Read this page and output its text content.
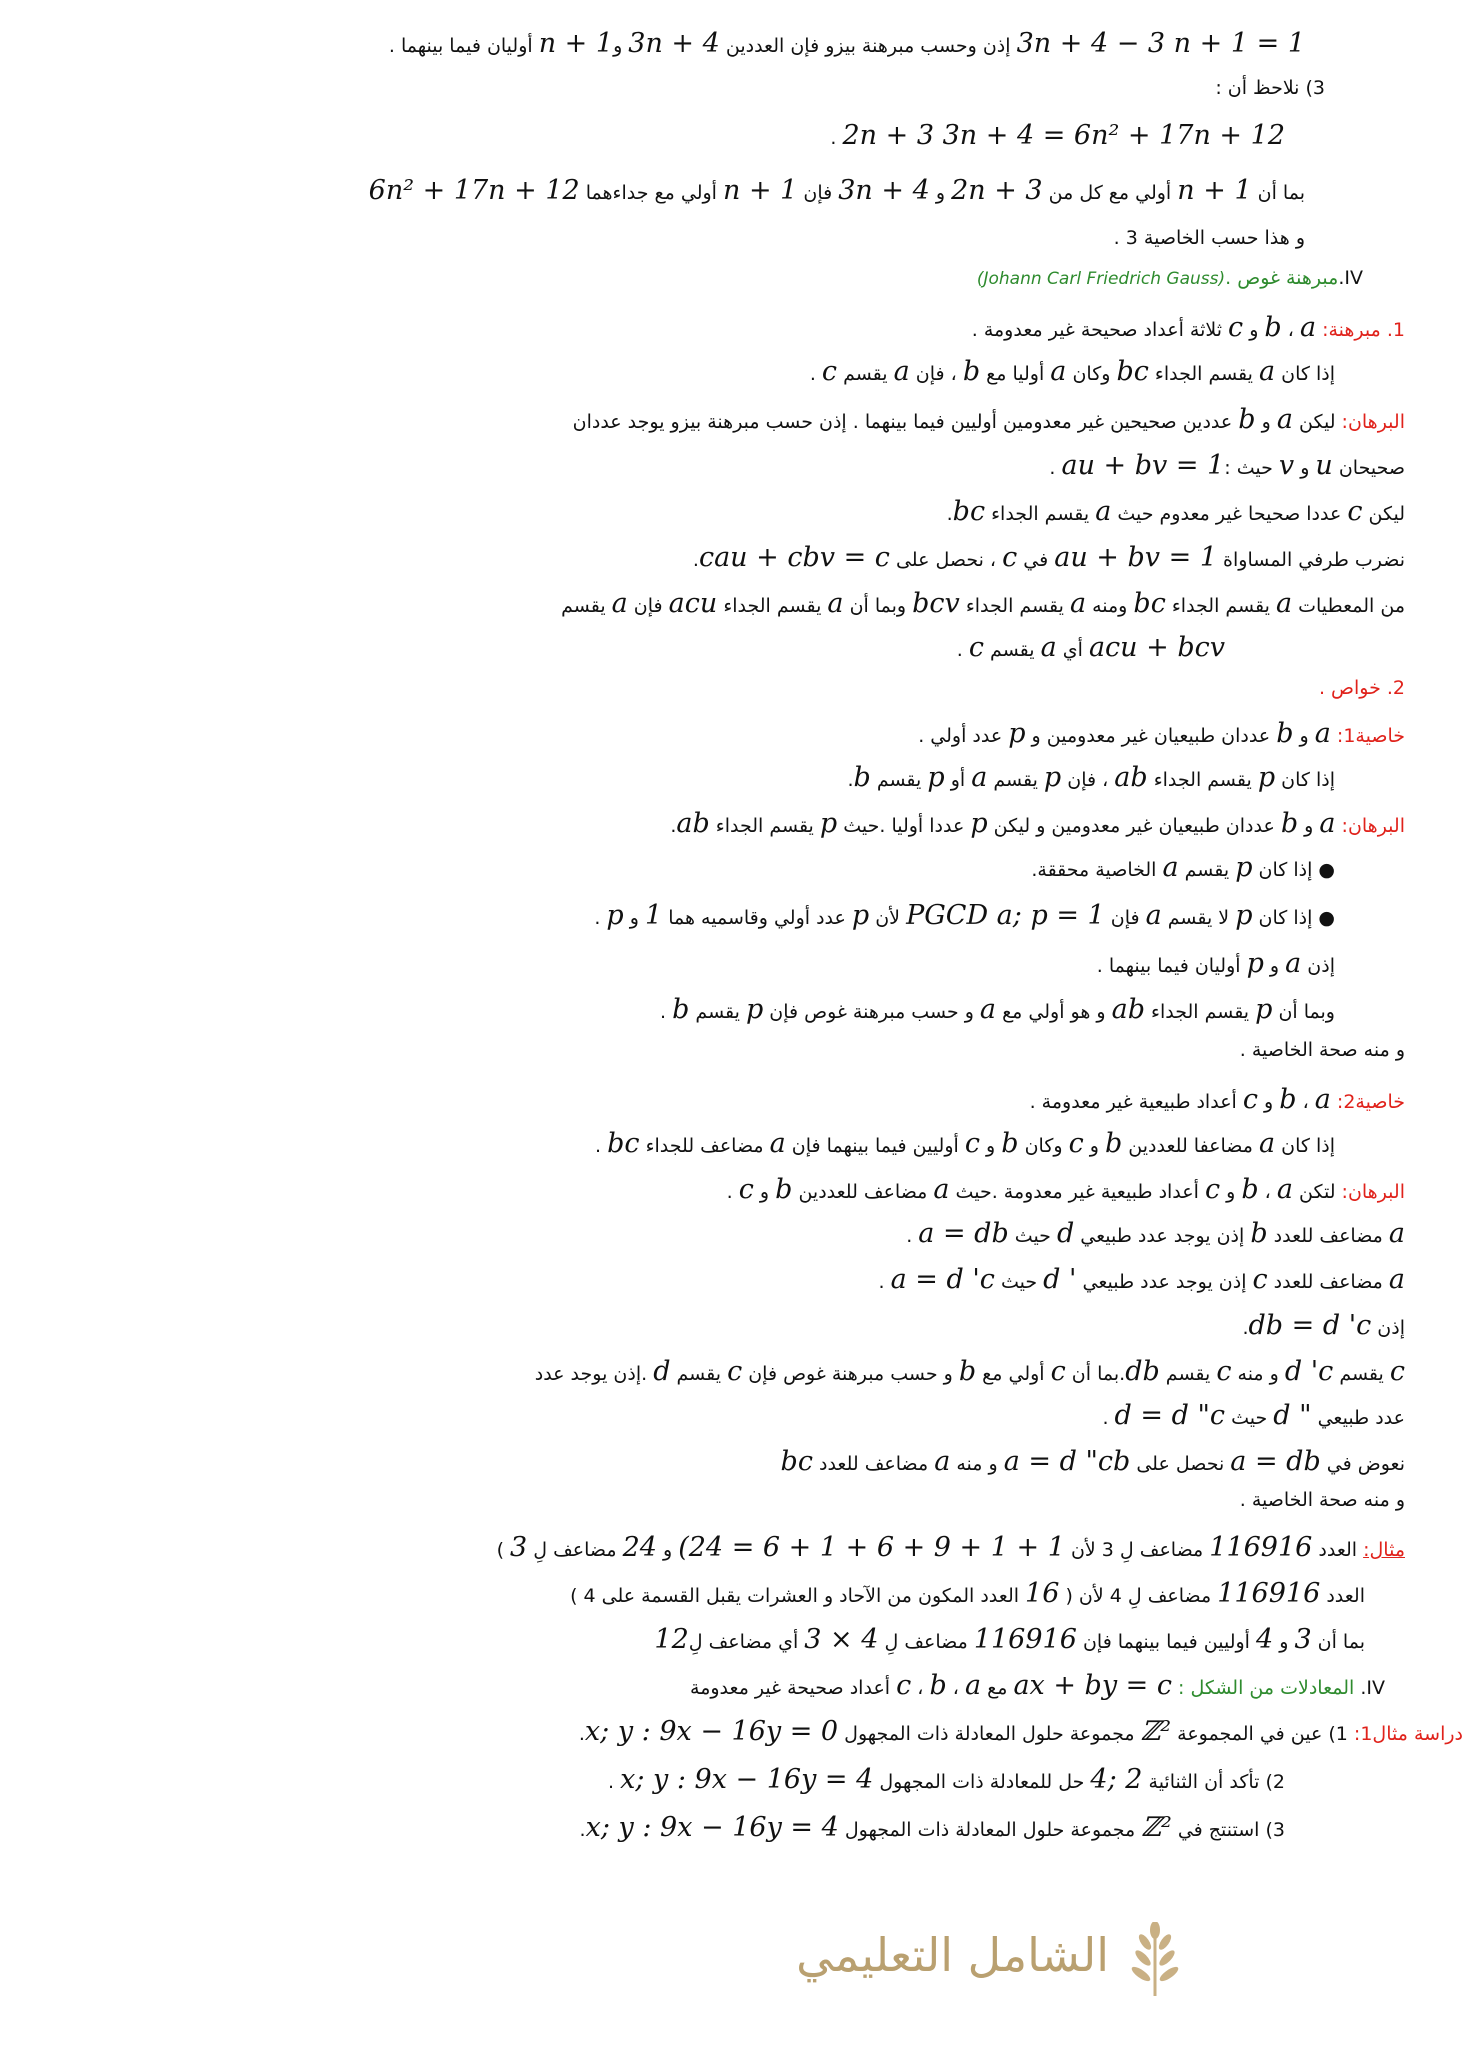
3n + 4 − 3 n + 1 = 1 إذن وحسب مبرهنة بيزو فإن العددين 3n + 4 وn + 1 أوليان فيما بينهما .
3) نلاحظ أن :
2n + 3 3n + 4 = 6n² + 17n + 12 .
بما أن n + 1 أولي مع كل من 2n + 3 و 3n + 4 فإن n + 1 أولي مع جداءهما 6n² + 17n + 12
و هذا حسب الخاصية 3 .
IV.مبرهنة غوص .(Johann Carl Friedrich Gauss)
1. مبرهنة: a ، b و c ثلاثة أعداد صحيحة غير معدومة .
إذا كان a يقسم الجداء bc وكان a أوليا مع b ، فإن a يقسم c .
البرهان: ليكن a و b عددين صحيحين غير معدومين أوليين فيما بينهما . إذن حسب مبرهنة بيزو يوجد عددان
صحيحان u و v حيث :au + bv = 1 .
ليكن c عددا صحيحا غير معدوم حيث a يقسم الجداء bc.
نضرب طرفي المساواة au + bv = 1 في c ، نحصل على cau + cbv = c.
من المعطيات a يقسم الجداء bc ومنه a يقسم الجداء bcv وبما أن a يقسم الجداء acu فإن a يقسم
acu + bcv أي a يقسم c .
2. خواص .
خاصية1: a و b عددان طبيعيان غير معدومين و p عدد أولي .
إذا كان p يقسم الجداء ab ، فإن p يقسم a أو p يقسم b.
البرهان: a و b عددان طبيعيان غير معدومين و ليكن p عددا أوليا .حيث p يقسم الجداء ab.
● إذا كان p يقسم a الخاصية محققة.
● إذا كان p لا يقسم a فإن PGCD a; p = 1 لأن p عدد أولي وقاسميه هما 1 و p .
إذن a و p أوليان فيما بينهما .
وبما أن p يقسم الجداء ab و هو أولي مع a و حسب مبرهنة غوص فإن p يقسم b .
و منه صحة الخاصية .
خاصية2: a ، b و c أعداد طبيعية غير معدومة .
إذا كان a مضاعفا للعددين b و c وكان b و c أوليين فيما بينهما فإن a مضاعف للجداء bc .
البرهان: لتكن a ، b و c أعداد طبيعية غير معدومة .حيث a مضاعف للعددين b و c .
a مضاعف للعدد b إذن يوجد عدد طبيعي d حيث a = db .
a مضاعف للعدد c إذن يوجد عدد طبيعي d ' حيث a = d 'c .
إذن db = d 'c.
c يقسم d 'c و منه c يقسم db.بما أن c أولي مع b و حسب مبرهنة غوص فإن c يقسم d .إذن يوجد عدد
عدد طبيعي d " حيث d = d "c .
نعوض في a = db نحصل على a = d "cb و منه a مضاعف للعدد bc
و منه صحة الخاصية .
مثال: العدد 116916 مضاعف لِ 3 لأن (24 = 6 + 1 + 6 + 9 + 1 + 1 و 24 مضاعف لِ 3 )
العدد 116916 مضاعف لِ 4 لأن ( 16 العدد المكون من الآحاد و العشرات يقبل القسمة على 4 )
بما أن 3 و 4 أوليين فيما بينهما فإن 116916 مضاعف لِ 3 × 4 أي مضاعف لِ12
IV. المعادلات من الشكل : ax + by = c مع a ، b ، c أعداد صحيحة غير معدومة
دراسة مثال1: 1) عين في المجموعة ℤ² مجموعة حلول المعادلة ذات المجهول x; y : 9x − 16y = 0.
2) تأكد أن الثنائية 4; 2 حل للمعادلة ذات المجهول x; y : 9x − 16y = 4 .
3) استنتج في ℤ² مجموعة حلول المعادلة ذات المجهول x; y : 9x − 16y = 4.
الشامل التعليمي
